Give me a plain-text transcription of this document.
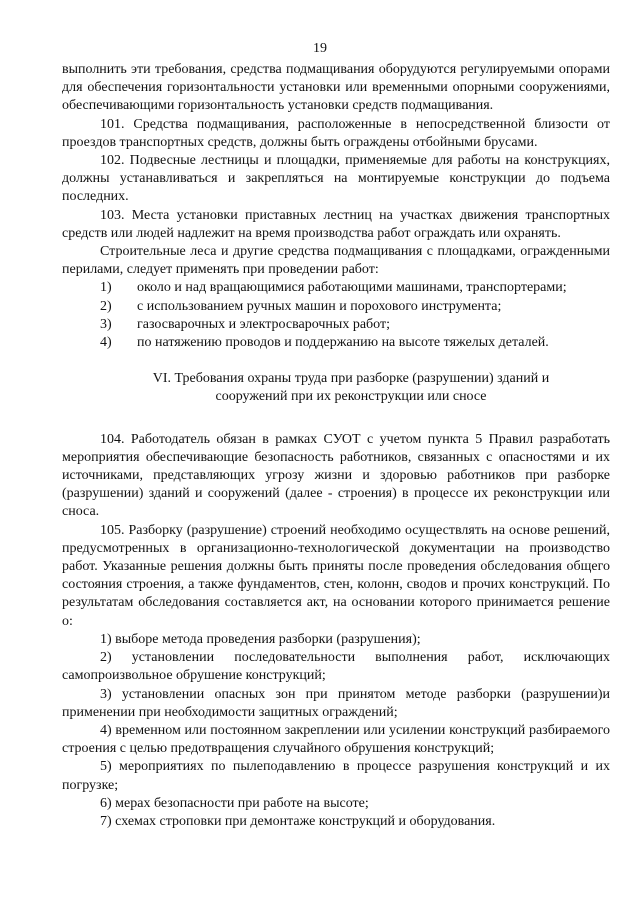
19

выполнить эти требования, средства подмащивания оборудуются регулируемыми опорами для обеспечения горизонтальности установки или временными опорными сооружениями, обеспечивающими горизонтальность установки средств подмащивания.

101. Средства подмащивания, расположенные в непосредственной близости от проездов транспортных средств, должны быть ограждены отбойными брусами.

102. Подвесные лестницы и площадки, применяемые для работы на конструкциях, должны устанавливаться и закрепляться на монтируемые конструкции до подъема последних.

103. Места установки приставных лестниц на участках движения транспортных средств или людей надлежит на время производства работ ограждать или охранять.

Строительные леса и другие средства подмащивания с площадками, огражденными перилами, следует применять при проведении работ:

1) около и над вращающимися работающими машинами, транспортерами;
2) с использованием ручных машин и порохового инструмента;
3) газосварочных и электросварочных работ;
4) по натяжению проводов и поддержанию на высоте тяжелых деталей.
VI. Требования охраны труда при разборке (разрушении) зданий и
сооружений при их реконструкции или сносе

104. Работодатель обязан в рамках СУОТ с учетом пункта 5 Правил разработать мероприятия обеспечивающие безопасность работников, связанных с опасностями и их источниками, представляющих угрозу жизни и здоровью работников при разборке (разрушении) зданий и сооружений (далее - строения) в процессе их реконструкции или сноса.

105. Разборку (разрушение) строений необходимо осуществлять на основе решений, предусмотренных в организационно-технологической документации на производство работ. Указанные решения должны быть приняты после проведения обследования общего состояния строения, а также фундаментов, стен, колонн, сводов и прочих конструкций. По результатам обследования составляется акт, на основании которого принимается решение о:

1) выборе метода проведения разборки (разрушения);

2) установлении последовательности выполнения работ, исключающих самопроизвольное обрушение конструкций;

3) установлении опасных зон при принятом методе разборки (разрушении)и применении при необходимости защитных ограждений;

4) временном или постоянном закреплении или усилении конструкций разбираемого строения с целью предотвращения случайного обрушения конструкций;

5) мероприятиях по пылеподавлению в процессе разрушения конструкций и их погрузке;

6) мерах безопасности при работе на высоте;

7) схемах строповки при демонтаже конструкций и оборудования.
